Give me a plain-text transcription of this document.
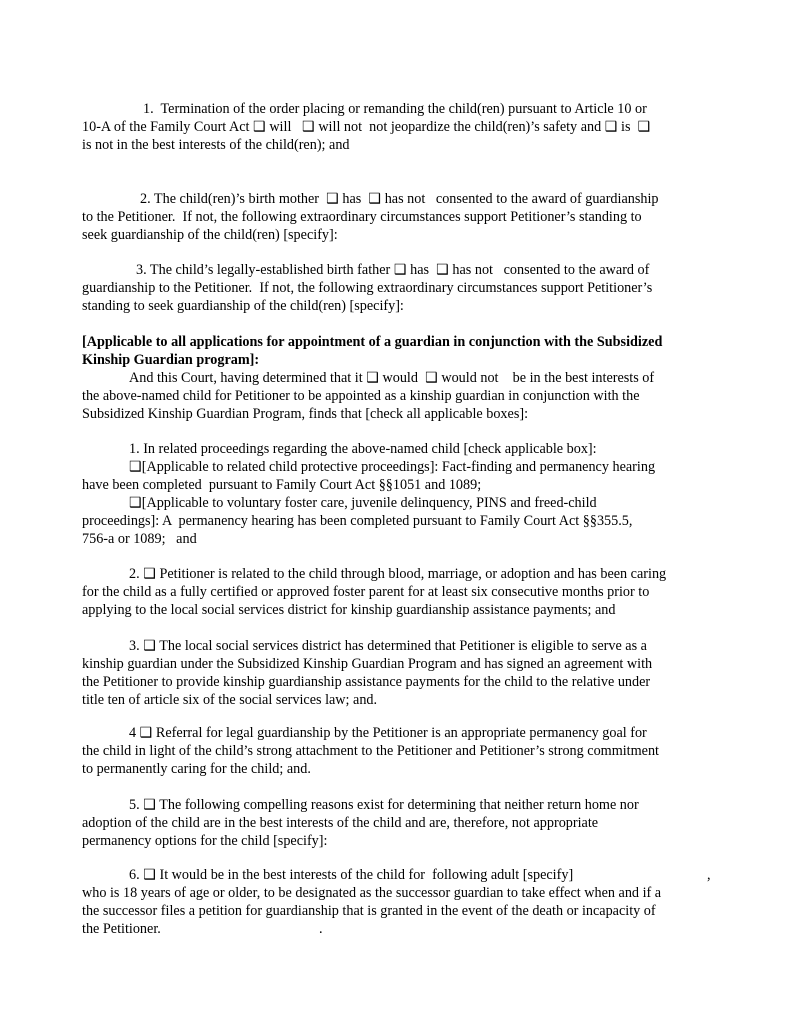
1.  Termination of the order placing or remanding the child(ren) pursuant to Article 10 or
10-A of the Family Court Act ❑ will   ❑ will not  not jeopardize the child(ren)’s safety and ❑ is  ❑
is not in the best interests of the child(ren); and
2. The child(ren)’s birth mother  ❑ has  ❑ has not   consented to the award of guardianship
to the Petitioner.  If not, the following extraordinary circumstances support Petitioner’s standing to
seek guardianship of the child(ren) [specify]:
3. The child’s legally-established birth father ❑ has  ❑ has not   consented to the award of
guardianship to the Petitioner.  If not, the following extraordinary circumstances support Petitioner’s
standing to seek guardianship of the child(ren) [specify]:
[Applicable to all applications for appointment of a guardian in conjunction with the Subsidized
Kinship Guardian program]:
And this Court, having determined that it ❑ would  ❑ would not    be in the best interests of
the above-named child for Petitioner to be appointed as a kinship guardian in conjunction with the
Subsidized Kinship Guardian Program, finds that [check all applicable boxes]:
1. In related proceedings regarding the above-named child [check applicable box]:
❑[Applicable to related child protective proceedings]: Fact-finding and permanency hearing
have been completed  pursuant to Family Court Act §§1051 and 1089;
❑[Applicable to voluntary foster care, juvenile delinquency, PINS and freed-child
proceedings]: A  permanency hearing has been completed pursuant to Family Court Act §§355.5,
756-a or 1089;   and
2. ❑ Petitioner is related to the child through blood, marriage, or adoption and has been caring
for the child as a fully certified or approved foster parent for at least six consecutive months prior to
applying to the local social services district for kinship guardianship assistance payments; and
3. ❑ The local social services district has determined that Petitioner is eligible to serve as a
kinship guardian under the Subsidized Kinship Guardian Program and has signed an agreement with
the Petitioner to provide kinship guardianship assistance payments for the child to the relative under
title ten of article six of the social services law; and.
4 ❑ Referral for legal guardianship by the Petitioner is an appropriate permanency goal for
the child in light of the child’s strong attachment to the Petitioner and Petitioner’s strong commitment
to permanently caring for the child; and.
5. ❑ The following compelling reasons exist for determining that neither return home nor
adoption of the child are in the best interests of the child and are, therefore, not appropriate
permanency options for the child [specify]:
6. ❑ It would be in the best interests of the child for  following adult [specify]	,
who is 18 years of age or older, to be designated as the successor guardian to take effect when and if a
the successor files a petition for guardianship that is granted in the event of the death or incapacity of
the Petitioner.	.
